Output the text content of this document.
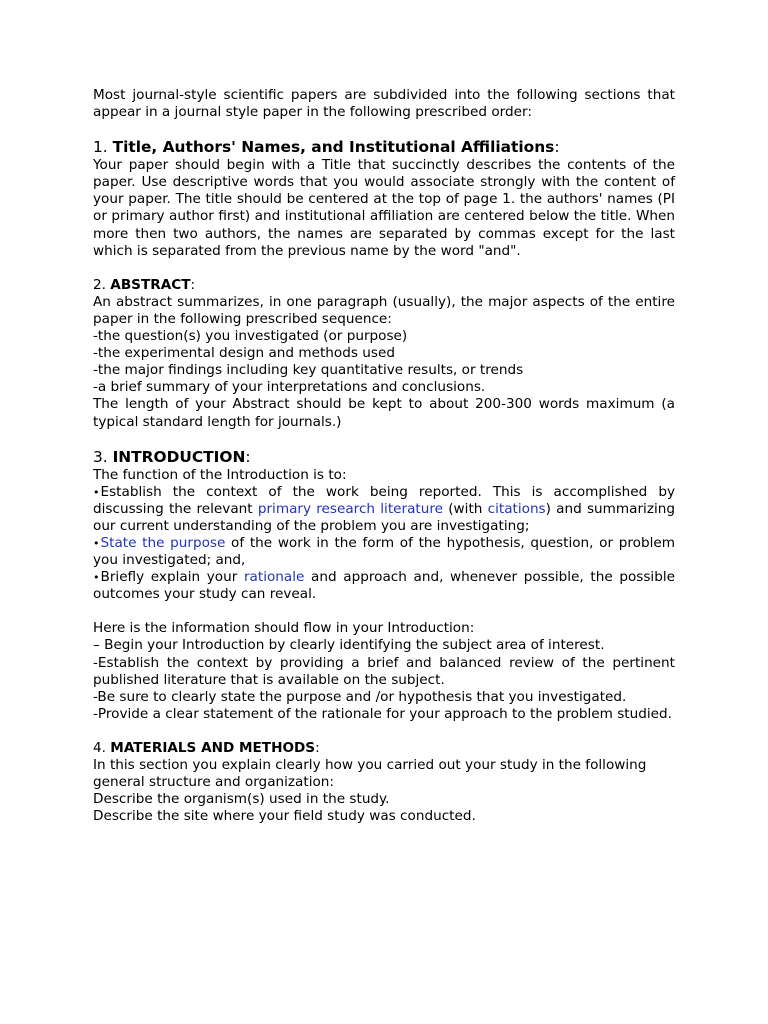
Most journal-style scientific papers are subdivided into the following sections that appear in a journal style paper in the following prescribed order:

1. Title, Authors' Names, and Institutional Affiliations:

Your paper should begin with a Title that succinctly describes the contents of the paper. Use descriptive words that you would associate strongly with the content of your paper. The title should be centered at the top of page 1. the authors' names (PI or primary author first) and institutional affiliation are centered below the title. When more then two authors, the names are separated by commas except for the last which is separated from the previous name by the word "and".

2. ABSTRACT:

An abstract summarizes, in one paragraph (usually), the major aspects of the entire paper in the following prescribed sequence:

-the question(s) you investigated (or purpose)

-the experimental design and methods used

-the major findings including key quantitative results, or trends

-a brief summary of your interpretations and conclusions.

The length of your Abstract should be kept to about 200-300 words maximum (a typical standard length for journals.)

3. INTRODUCTION:

The function of the Introduction is to:

•Establish the context of the work being reported. This is accomplished by discussing the relevant primary research literature (with citations) and summarizing our current understanding of the problem you are investigating;

•State the purpose of the work in the form of the hypothesis, question, or problem you investigated; and,

•Briefly explain your rationale and approach and, whenever possible, the possible outcomes your study can reveal.

Here is the information should flow in your Introduction:

– Begin your Introduction by clearly identifying the subject area of interest.

-Establish the context by providing a brief and balanced review of the pertinent published literature that is available on the subject.

-Be sure to clearly state the purpose and /or hypothesis that you investigated.

-Provide a clear statement of the rationale for your approach to the problem studied.

4. MATERIALS AND METHODS:

In this section you explain clearly how you carried out your study in the following

general structure and organization:

Describe the organism(s) used in the study.

Describe the site where your field study was conducted.
